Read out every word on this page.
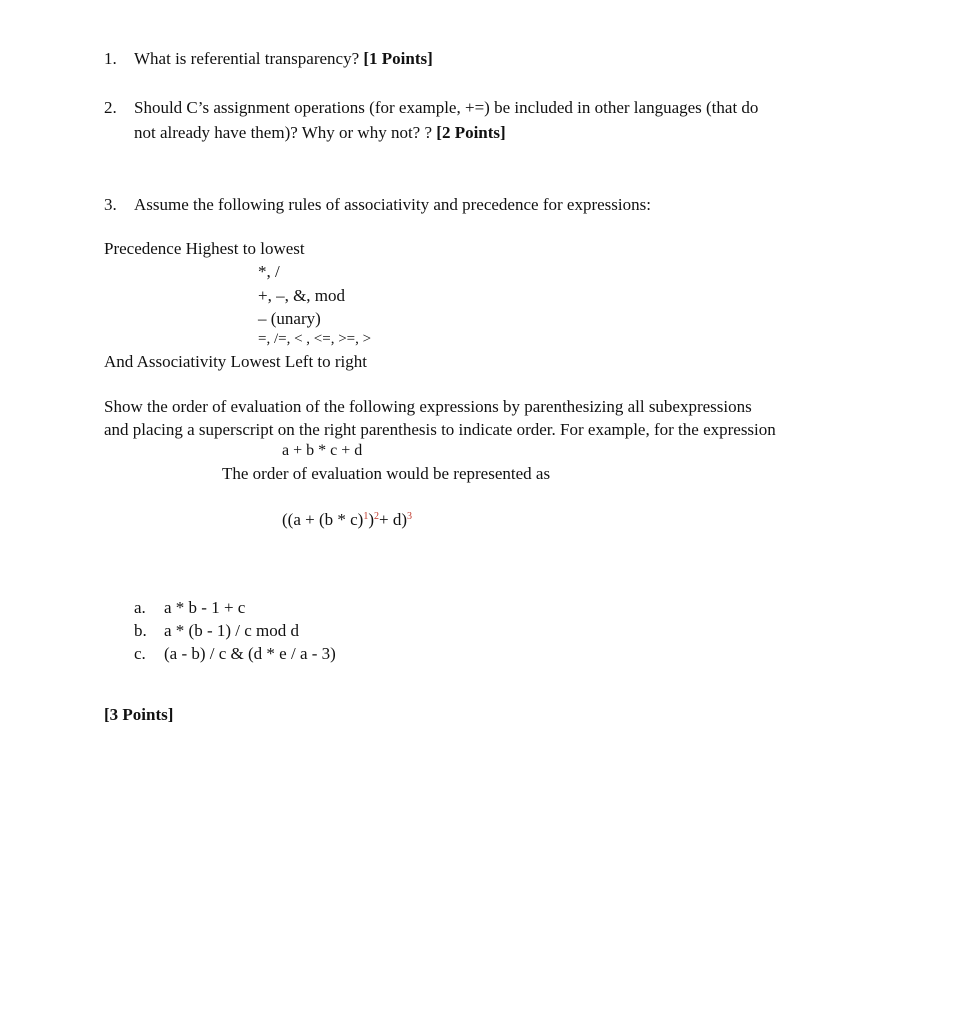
1. What is referential transparency? [1 Points]
2. Should C’s assignment operations (for example, +=) be included in other languages (that do
not already have them)? Why or why not? ? [2 Points]
3. Assume the following rules of associativity and precedence for expressions:
Precedence Highest to lowest
*, /
+, –, &, mod
– (unary)
=, /=, < , <=, >=, >
And Associativity Lowest Left to right
Show the order of evaluation of the following expressions by parenthesizing all subexpressions
and placing a superscript on the right parenthesis to indicate order. For example, for the expression
a + b * c + d
The order of evaluation would be represented as
$((a + (b * c)^1)^2+ d)^3$
a. a * b - 1 + c
b. a * (b - 1) / c mod d
c. (a - b) / c & (d * e / a - 3)
[3 Points]
